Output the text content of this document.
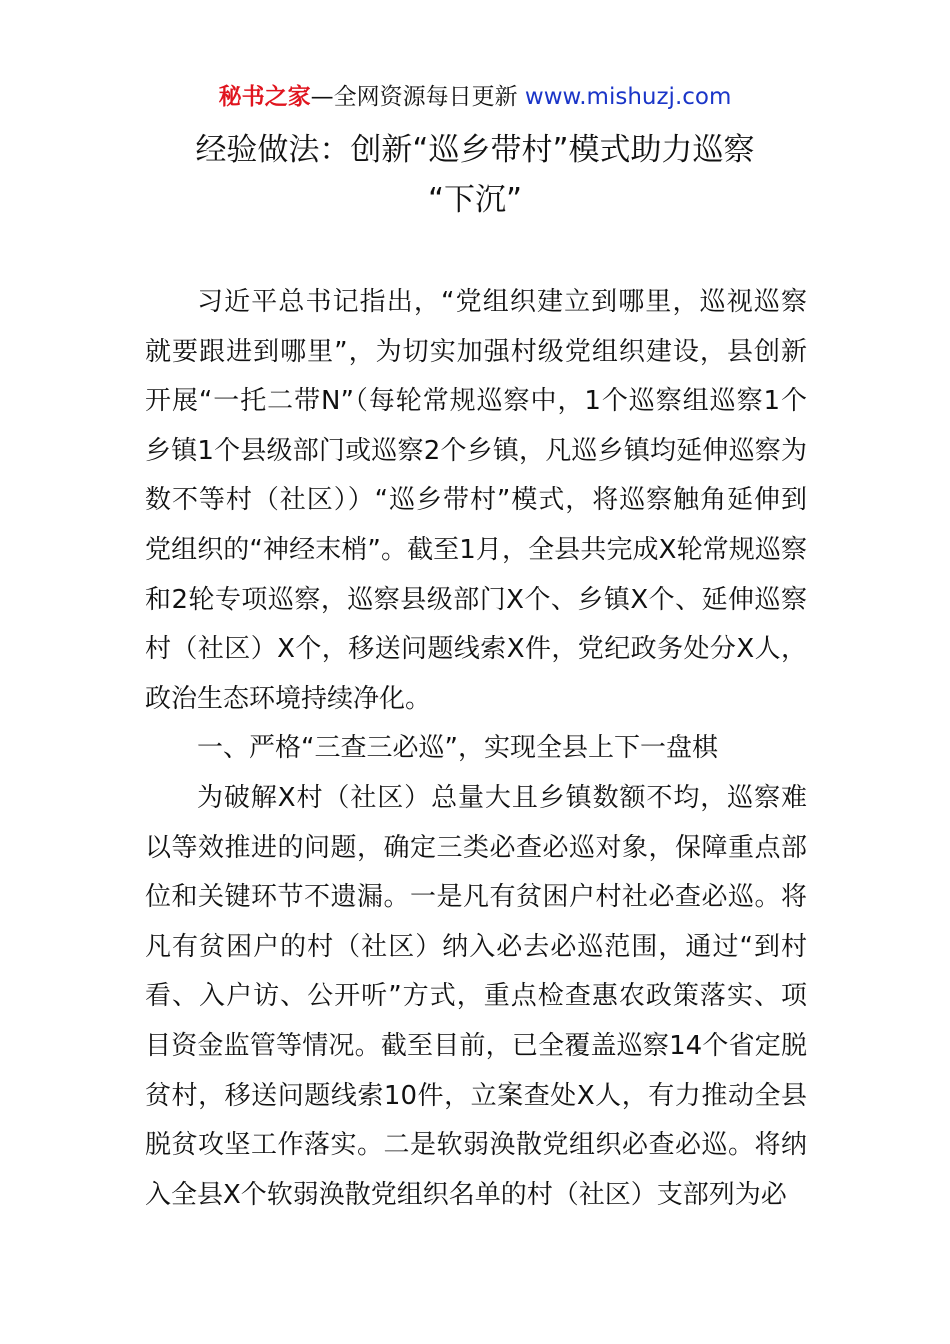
秘书之家—全网资源每日更新 www.mishuzj.com
经验做法：创新“巡乡带村”模式助力巡察
“下沉”

习近平总书记指出，“党组织建立到哪里，巡视巡察就要跟进到哪里”，为切实加强村级党组织建设，县创新开展“一托二带N”（每轮常规巡察中，1个巡察组巡察1个乡镇1个县级部门或巡察2个乡镇，凡巡乡镇均延伸巡察为数不等村（社区））“巡乡带村”模式，将巡察触角延伸到党组织的“神经末梢”。截至1月，全县共完成X轮常规巡察和2轮专项巡察，巡察县级部门X个、乡镇X个、延伸巡察村（社区）X个，移送问题线索X件，党纪政务处分X人，政治生态环境持续净化。

一、严格“三查三必巡”，实现全县上下一盘棋

为破解X村（社区）总量大且乡镇数额不均，巡察难以等效推进的问题，确定三类必查必巡对象，保障重点部位和关键环节不遗漏。一是凡有贫困户村社必查必巡。将凡有贫困户的村（社区）纳入必去必巡范围，通过“到村看、入户访、公开听”方式，重点检查惠农政策落实、项目资金监管等情况。截至目前，已全覆盖巡察14个省定脱贫村，移送问题线索10件，立案查处X人，有力推动全县脱贫攻坚工作落实。二是软弱涣散党组织必查必巡。将纳入全县X个软弱涣散党组织名单的村（社区）支部列为必
